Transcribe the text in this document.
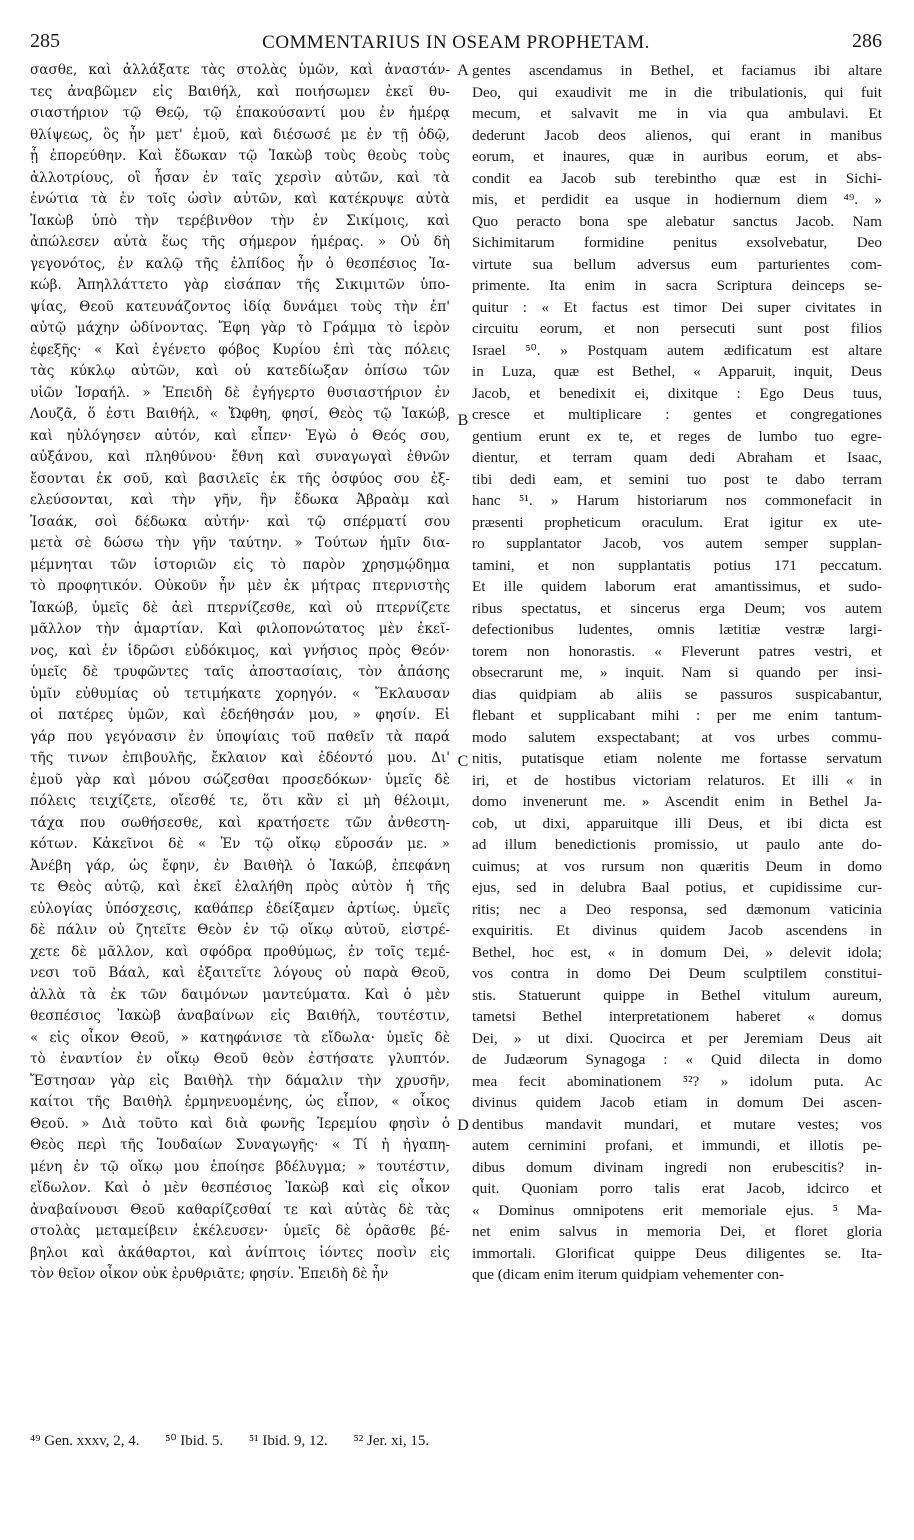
285	COMMENTARIUS IN OSEAM PROPHETAM.	286
σασθε, καὶ ἀλλάξατε τὰς στολὰς ὑμῶν, καὶ ἀναστάν-
τες ἀναβῶμεν εἰς Βαιθήλ, καὶ ποιήσωμεν ἐκεῖ θυ-
σιαστήριον τῷ Θεῷ, τῷ ἐπακούσαντί μου ἐν ἡμέρᾳ
θλίψεως, ὃς ἦν μετ' ἐμοῦ, καὶ διέσωσέ με ἐν τῇ ὁδῷ,
ᾗ ἐπορεύθην. Καὶ ἔδωκαν τῷ Ἰακὼβ τοὺς θεοὺς τοὺς
ἀλλοτρίους, οἳ ἦσαν ἐν ταῖς χερσὶν αὐτῶν, καὶ τὰ
ἐνώτια τὰ ἐν τοῖς ὠσὶν αὐτῶν, καὶ κατέκρυψε αὐτὰ
Ἰακὼβ ὑπὸ τὴν τερέβινθον τὴν ἐν Σικίμοις, καὶ
ἀπώλεσεν αὐτὰ ἕως τῆς σήμερον ἡμέρας. » Οὐ δὴ
γεγονότος, ἐν καλῷ τῆς ἐλπίδος ἦν ὁ θεσπέσιος Ἰα-
κώβ. Ἀπηλλάττετο γὰρ εἰσάπαν τῆς Σικιμιτῶν ὑπο-
ψίας, Θεοῦ κατευνάζοντος ἰδίᾳ δυνάμει τοὺς τὴν ἐπ'
αὐτῷ μάχην ὠδίνοντας. Ἔφη γὰρ τὸ Γράμμα τὸ ἱερὸν
ἐφεξῆς· « Καὶ ἐγένετο φόβος Κυρίου ἐπὶ τὰς πόλεις
τὰς κύκλῳ αὐτῶν, καὶ οὐ κατεδίωξαν ὀπίσω τῶν
υἱῶν Ἰσραήλ. » Ἐπειδὴ δὲ ἐγήγερτο θυσιαστήριον ἐν
Λουζᾶ, ὅ ἐστι Βαιθήλ, « Ὤφθη, φησί, Θεὸς τῷ Ἰακώβ,
καὶ ηὐλόγησεν αὐτόν, καὶ εἶπεν· Ἐγὼ ὁ Θεός σου,
αὐξάνου, καὶ πληθύνου· ἔθνη καὶ συναγωγαὶ ἐθνῶν
ἔσονται ἐκ σοῦ, καὶ βασιλεῖς ἐκ τῆς ὀσφύος σου ἐξ-
ελεύσονται, καὶ τὴν γῆν, ἣν ἔδωκα Ἀβραὰμ καὶ
Ἰσαάκ, σοὶ δέδωκα αὐτήν· καὶ τῷ σπέρματί σου
μετὰ σὲ δώσω τὴν γῆν ταύτην. » Τούτων ἡμῖν δια-
μέμνηται τῶν ἱστοριῶν εἰς τὸ παρὸν χρησμῴδημα
τὸ προφητικόν. Οὐκοῦν ἦν μὲν ἐκ μήτρας πτερνιστὴς
Ἰακώβ, ὑμεῖς δὲ ἀεὶ πτερνίζεσθε, καὶ οὐ πτερνίζετε
μᾶλλον τὴν ἁμαρτίαν. Καὶ φιλοπονώτατος μὲν ἐκεῖ-
νος, καὶ ἐν ἱδρῶσι εὐδόκιμος, καὶ γνήσιος πρὸς Θεόν·
ὑμεῖς δὲ τρυφῶντες ταῖς ἀποστασίαις, τὸν ἁπάσης
ὑμῖν εὐθυμίας οὐ τετιμήκατε χορηγόν. « Ἔκλαυσαν
οἱ πατέρες ὑμῶν, καὶ ἐδεήθησάν μου, » φησίν. Εἰ
γάρ που γεγόνασιν ἐν ὑποψίαις τοῦ παθεῖν τὰ παρά
τῆς τινων ἐπιβουλῆς, ἔκλαιον καὶ ἐδέοντό μου. Δι'
ἐμοῦ γὰρ καὶ μόνου σώζεσθαι προσεδόκων· ὑμεῖς δὲ
πόλεις τειχίζετε, οἴεσθέ τε, ὅτι κἂν εἰ μὴ θέλοιμι,
τάχα που σωθήσεσθε, καὶ κρατήσετε τῶν ἀνθεστη-
κότων. Κἀκεῖνοι δὲ « Ἐν τῷ οἴκῳ εὕροσάν με. »
Ἀνέβη γάρ, ὡς ἔφην, ἐν Βαιθὴλ ὁ Ἰακώβ, ἐπεφάνη
τε Θεὸς αὐτῷ, καὶ ἐκεῖ ἐλαλήθη πρὸς αὐτὸν ἡ τῆς
εὐλογίας ὑπόσχεσις, καθάπερ ἐδείξαμεν ἀρτίως. ὑμεῖς
δὲ πάλιν οὐ ζητεῖτε Θεὸν ἐν τῷ οἴκῳ αὐτοῦ, εἰστρέ-
χετε δὲ μᾶλλον, καὶ σφόδρα προθύμως, ἐν τοῖς τεμέ-
νεσι τοῦ Βάαλ, καὶ ἐξαιτεῖτε λόγους οὐ παρὰ Θεοῦ,
ἀλλὰ τὰ ἐκ τῶν δαιμόνων μαντεύματα. Καὶ ὁ μὲν
θεσπέσιος Ἰακὼβ ἀναβαίνων εἰς Βαιθήλ, τουτέστιν,
« εἰς οἶκον Θεοῦ, » κατηφάνισε τὰ εἴδωλα· ὑμεῖς δὲ
τὸ ἐναντίον ἐν οἴκῳ Θεοῦ θεὸν ἐστήσατε γλυπτόν.
Ἔστησαν γὰρ εἰς Βαιθὴλ τὴν δάμαλιν τὴν χρυσῆν,
καίτοι τῆς Βαιθὴλ ἑρμηνευομένης, ὡς εἶπον, « οἶκος
Θεοῦ. » Διὰ τοῦτο καὶ διὰ φωνῆς Ἱερεμίου φησὶν ὁ
Θεὸς περὶ τῆς Ἰουδαίων Συναγωγῆς· « Τί ἡ ἠγαπη-
μένη ἐν τῷ οἴκῳ μου ἐποίησε βδέλυγμα; » τουτέστιν,
εἴδωλον. Καὶ ὁ μὲν θεσπέσιος Ἰακὼβ καὶ εἰς οἶκον
ἀναβαίνουσι Θεοῦ καθαρίζεσθαί τε καὶ αὐτὰς δὲ τὰς
στολὰς μεταμείβειν ἐκέλευσεν· ὑμεῖς δὲ ὁρᾶσθε βέ-
βηλοι καὶ ἀκάθαρτοι, καὶ ἀνίπτοις ἰόντες ποσὶν εἰς
τὸν θεῖον οἶκον οὐκ ἐρυθριᾶτε; φησίν. Ἐπειδὴ δὲ ἦν
gentes ascendamus in Bethel, et faciamus ibi altare
Deo, qui exaudivit me in die tribulationis, qui fuit
mecum, et salvavit me in via qua ambulavi. Et
dederunt Jacob deos alienos, qui erant in manibus
eorum, et inaures, quæ in auribus eorum, et abs-
condit ea Jacob sub terebintho quæ est in Sichi-
mis, et perdidit ea usque in hodiernum diem ⁴⁹. »
Quo peracto bona spe alebatur sanctus Jacob. Nam
Sichimitarum formidine penitus exsolvebatur, Deo
virtute sua bellum adversus eum parturientes com-
primente. Ita enim in sacra Scriptura deinceps se-
quitur : « Et factus est timor Dei super civitates in
circuitu eorum, et non persecuti sunt post filios
Israel ⁵⁰. » Postquam autem ædificatum est altare
in Luza, quæ est Bethel, « Apparuit, inquit, Deus
Jacob, et benedixit ei, dixitque : Ego Deus tuus,
cresce et multiplicare : gentes et congregationes
gentium erunt ex te, et reges de lumbo tuo egre-
dientur, et terram quam dedi Abraham et Isaac,
tibi dedi eam, et semini tuo post te dabo terram
hanc ⁵¹. » Harum historiarum nos commonefacit in
præsenti propheticum oraculum. Erat igitur ex ute-
ro supplantator Jacob, vos autem semper supplan-
tamini, et non supplantatis potius 171 peccatum.
Et ille quidem laborum erat amantissimus, et sudo-
ribus spectatus, et sincerus erga Deum; vos autem
defectionibus ludentes, omnis lætitiæ vestræ largi-
torem non honorastis. « Fleverunt patres vestri, et
obsecrarunt me, » inquit. Nam si quando per insi-
dias quidpiam ab aliis se passuros suspicabantur,
flebant et supplicabant mihi : per me enim tantum-
modo salutem exspectabant; at vos urbes commu-
nitis, putatisque etiam nolente me fortasse servatum
iri, et de hostibus victoriam relaturos. Et illi « in
domo invenerunt me. » Ascendit enim in Bethel Ja-
cob, ut dixi, apparuitque illi Deus, et ibi dicta est
ad illum benedictionis promissio, ut paulo ante do-
cuimus; at vos rursum non quæritis Deum in domo
ejus, sed in delubra Baal potius, et cupidissime cur-
ritis; nec a Deo responsa, sed dæmonum vaticinia
exquiritis. Et divinus quidem Jacob ascendens in
Bethel, hoc est, « in domum Dei, » delevit idola;
vos contra in domo Dei Deum sculptilem constitui-
stis. Statuerunt quippe in Bethel vitulum aureum,
tametsi Bethel interpretationem haberet « domus
Dei, » ut dixi. Quocirca et per Jeremiam Deus ait
de Judæorum Synagoga : « Quid dilecta in domo
mea fecit abominationem ⁵²? » idolum puta. Ac
divinus quidem Jacob etiam in domum Dei ascen-
dentibus mandavit mundari, et mutare vestes; vos
autem cernimini profani, et immundi, et illotis pe-
dibus domum divinam ingredi non erubescitis? in-
quit. Quoniam porro talis erat Jacob, idcirco et
« Dominus omnipotens erit memoriale ejus. ⁵ Ma-
net enim salvus in memoria Dei, et floret gloria
immortali. Glorificat quippe Deus diligentes se. Ita-
que (dicam enim iterum quidpiam vehementer con-
A
B
C
D
⁴⁹ Gen. xxxv, 2, 4. ⁵⁰ Ibid. 5. ⁵¹ Ibid. 9, 12. ⁵² Jer. xi, 15.
